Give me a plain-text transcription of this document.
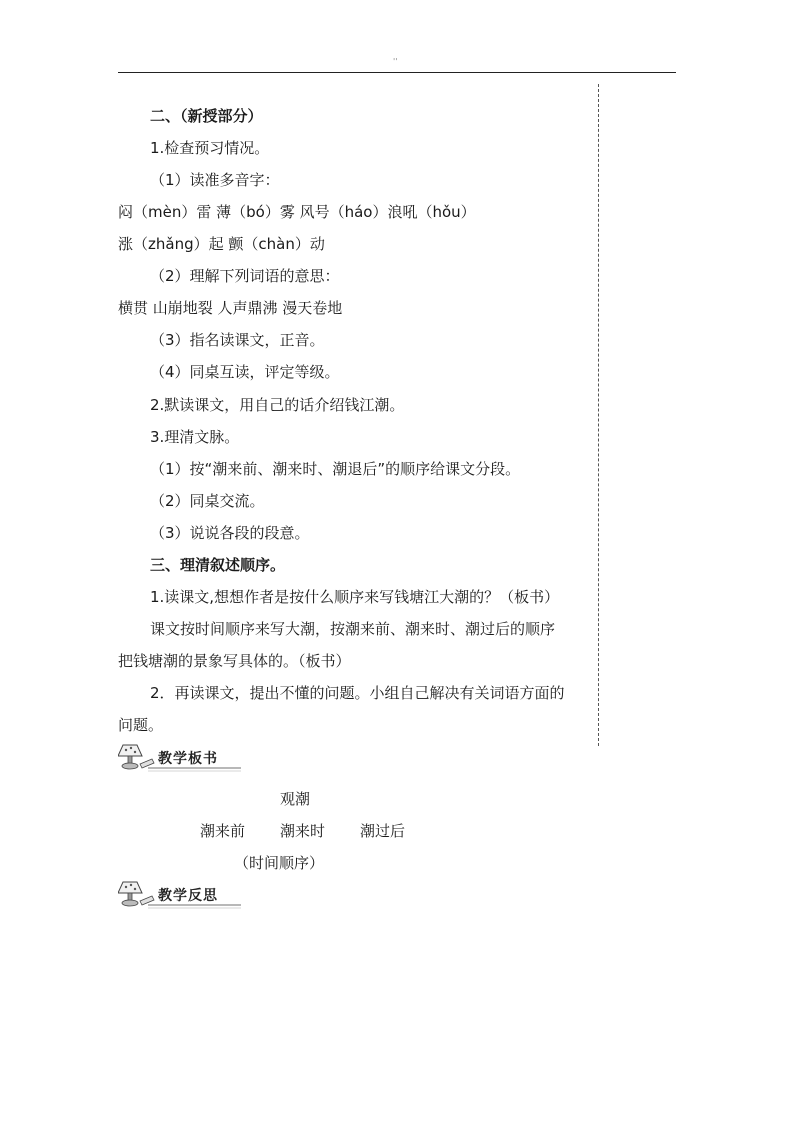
''
二、（新授部分）
1.检查预习情况。
（1）读准多音字：
闷（mèn）雷 薄（bó）雾 风号（háo）浪吼（hǒu）
涨（zhǎng）起 颤（chàn）动
（2）理解下列词语的意思：
横贯 山崩地裂 人声鼎沸 漫天卷地
（3）指名读课文，正音。
（4）同桌互读，评定等级。
2.默读课文，用自己的话介绍钱江潮。
3.理清文脉。
（1）按“潮来前、潮来时、潮退后”的顺序给课文分段。
（2）同桌交流。
（3）说说各段的段意。
三、理清叙述顺序。
1.读课文,想想作者是按什么顺序来写钱塘江大潮的？（板书）
课文按时间顺序来写大潮，按潮来前、潮来时、潮过后的顺序
把钱塘潮的景象写具体的。（板书）
2．再读课文，提出不懂的问题。小组自己解决有关词语方面的
问题。
教学板书
观潮
潮来前 潮来时 潮过后
（时间顺序）
教学反思
